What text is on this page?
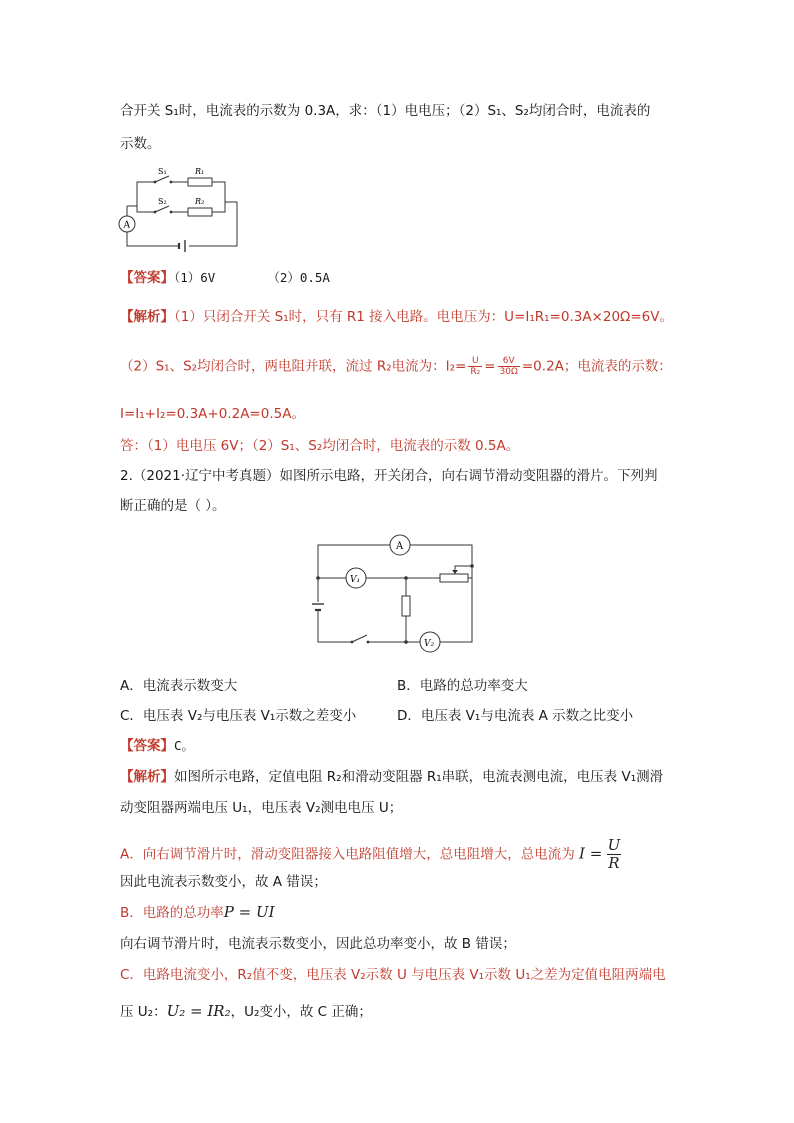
合开关 S₁时，电流表的示数为 0.3A，求：（1）电电压；（2）S₁、S₂均闭合时，电流表的
示数。
S₁	R₁
S₂	R₂
A
【答案】（1）6V	（2）0.5A
【解析】（1）只闭合开关 S₁时，只有 R1 接入电路。电电压为：U=I₁R₁=0.3A×20Ω=6V。
（2）S₁、S₂均闭合时，两电阻并联，流过 R₂电流为：$I_2= \frac{U}{\text{R₂}} = \frac{6V}{30\Omega} =0.2A$；电流表的示数：
I=I₁+I₂=0.3A+0.2A=0.5A。
答：（1）电电压 6V；（2）S₁、S₂均闭合时，电流表的示数 0.5A。
2.（2021·辽宁中考真题）如图所示电路，开关闭合，向右调节滑动变阻器的滑片。下列判
断正确的是（ ）。
A
V₁
V₂
A．电流表示数变大	B．电路的总功率变大
C．电压表 V₂与电压表 V₁示数之差变小	D．电压表 V₁与电流表 A 示数之比变小
【答案】C。
【解析】如图所示电路，定值电阻 R₂和滑动变阻器 R₁串联，电流表测电流，电压表 V₁测滑
动变阻器两端电压 U₁，电压表 V₂测电电压 U；
A．向右调节滑片时，滑动变阻器接入电路阻值增大，总电阻增大，总电流为 $I = \frac{U}{R}$
因此电流表示数变小，故 A 错误；
B．电路的总功率P = UI
向右调节滑片时，电流表示数变小，因此总功率变小，故 B 错误；
C．电路电流变小，R₂值不变，电压表 V₂示数 U 与电压表 V₁示数 U₁之差为定值电阻两端电
压 U₂：U₂ = IR₂，U₂变小，故 C 正确；
